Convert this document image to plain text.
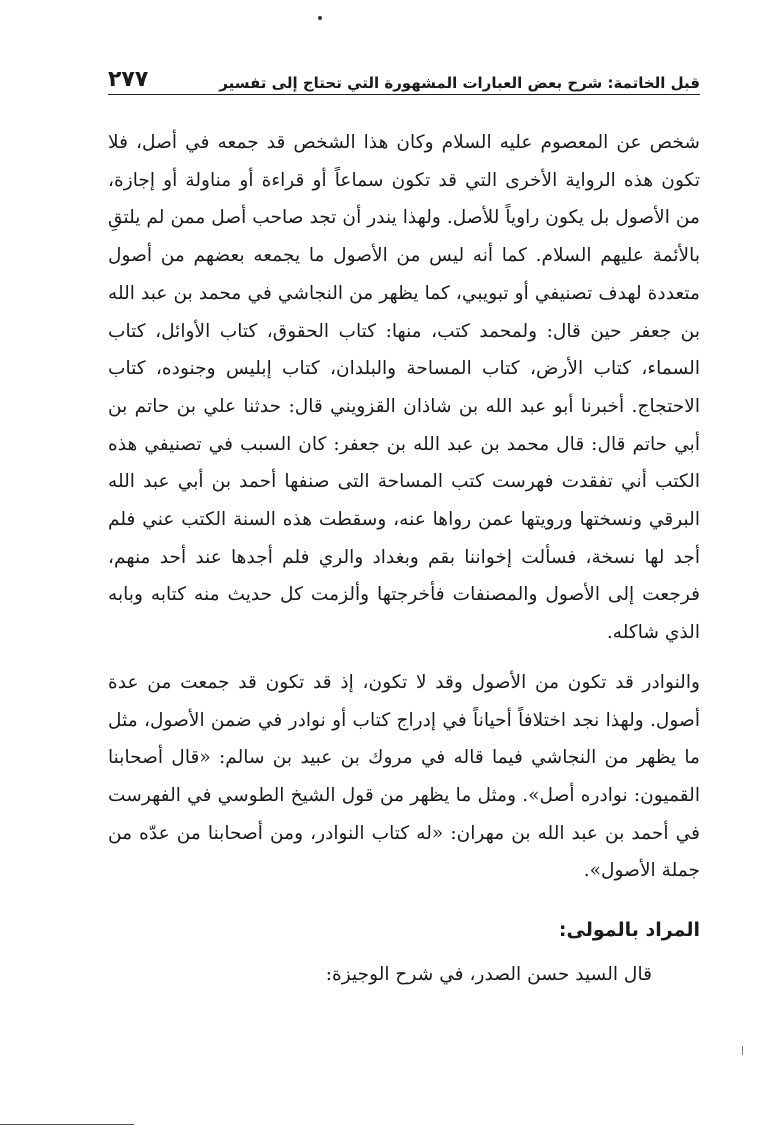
قبل الخاتمة: شرح بعض العبارات المشهورة التي تحتاج إلى تفسير
٢٧٧

شخص عن المعصوم عليه السلام وكان هذا الشخص قد جمعه في أصل، فلا تكون هذه الرواية الأخرى التي قد تكون سماعاً أو قراءة أو مناولة أو إجازة، من الأصول بل يكون راوياً للأصل. ولهذا يندر أن تجد صاحب أصل ممن لم يلتقِ بالأئمة عليهم السلام. كما أنه ليس من الأصول ما يجمعه بعضهم من أصول متعددة لهدف تصنيفي أو تبويبي، كما يظهر من النجاشي في محمد بن عبد الله بن جعفر حين قال: ولمحمد كتب، منها: كتاب الحقوق، كتاب الأوائل، كتاب السماء، كتاب الأرض، كتاب المساحة والبلدان، كتاب إبليس وجنوده، كتاب الاحتجاج. أخبرنا أبو عبد الله بن شاذان القزويني قال: حدثنا علي بن حاتم بن أبي حاتم قال: قال محمد بن عبد الله بن جعفر: كان السبب في تصنيفي هذه الكتب أني تفقدت فهرست كتب المساحة التى صنفها أحمد بن أبي عبد الله البرقي ونسختها ورويتها عمن رواها عنه، وسقطت هذه السنة الكتب عني فلم أجد لها نسخة، فسألت إخواننا بقم وبغداد والري فلم أجدها عند أحد منهم، فرجعت إلى الأصول والمصنفات فأخرجتها وألزمت كل حديث منه كتابه وبابه الذي شاكله.

والنوادر قد تكون من الأصول وقد لا تكون، إذ قد تكون قد جمعت من عدة أصول. ولهذا نجد اختلافاً أحياناً في إدراج كتاب أو نوادر في ضمن الأصول، مثل ما يظهر من النجاشي فيما قاله في مروك بن عبيد بن سالم: «قال أصحابنا القميون: نوادره أصل». ومثل ما يظهر من قول الشيخ الطوسي في الفهرست في أحمد بن عبد الله بن مهران: «له كتاب النوادر، ومن أصحابنا من عدّه من جملة الأصول».

المراد بالمولى:

قال السيد حسن الصدر، في شرح الوجيزة:
